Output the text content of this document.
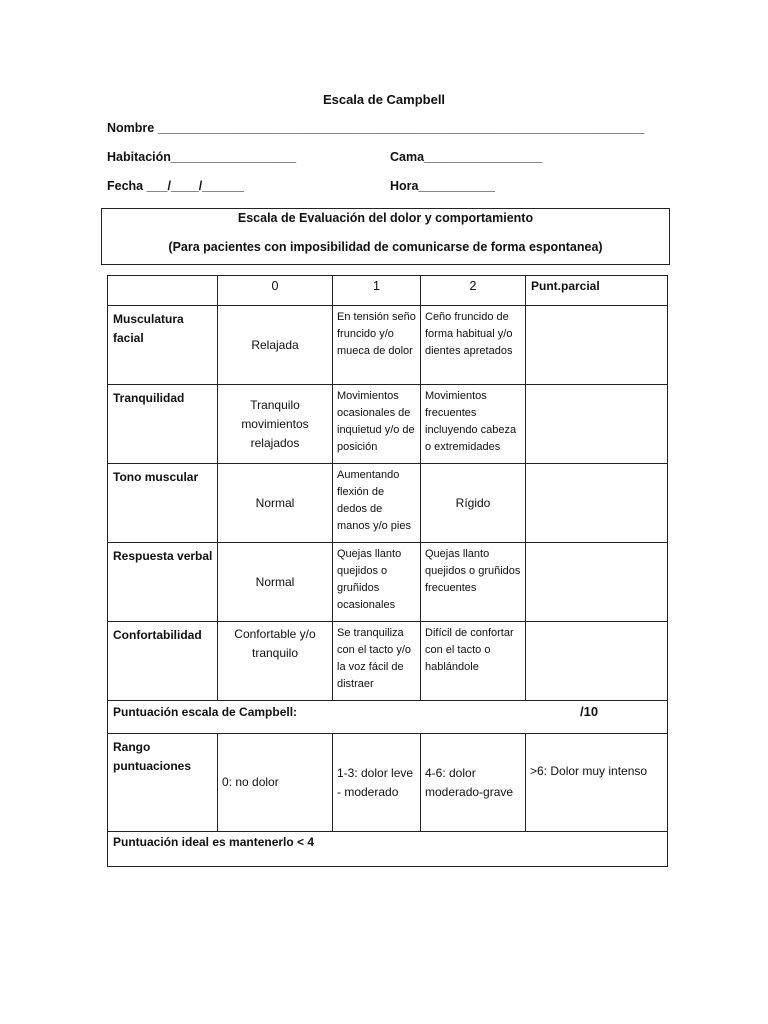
Escala de Campbell
Nombre ______________________________________________________________________
Habitación__________________	Cama_________________
Fecha ___/____/______	Hora___________
Escala de Evaluación del dolor y comportamiento
(Para pacientes con imposibilidad de comunicarse de forma espontanea)
	0	1	2	Punt.parcial
Musculatura facial	Relajada	En tensión seño fruncido y/o mueca de dolor	Ceño fruncido de forma habitual y/o dientes apretados	
Tranquilidad	Tranquilo movimientos relajados	Movimientos ocasionales de inquietud y/o de posición	Movimientos frecuentes incluyendo cabeza o extremidades	
Tono muscular	Normal	Aumentando flexión de dedos de manos y/o pies	Rígido	
Respuesta verbal	Normal	Quejas llanto quejidos o gruñidos ocasionales	Quejas llanto quejidos o gruñidos frecuentes	
Confortabilidad	Confortable y/o tranquilo	Se tranquiliza con el tacto y/o la voz fácil de distraer	Difícil de confortar con el tacto o hablándole	
Puntuación escala de Campbell: /10				

Rango puntuaciones	0: no dolor	1-3: dolor leve - moderado	4-6: dolor moderado-grave	>6: Dolor muy intenso
Puntuación ideal es mantenerlo < 4				
